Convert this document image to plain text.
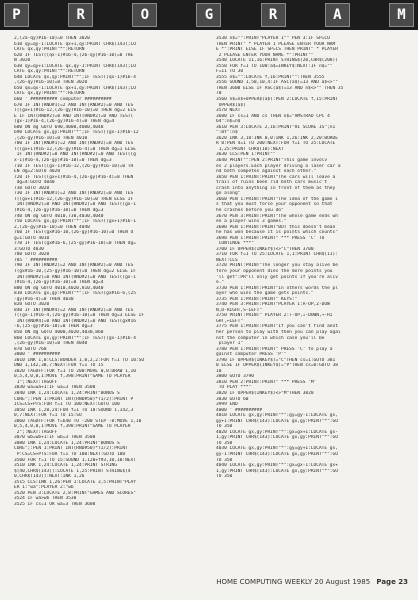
P	R	O	G	R	A	M
2,(2a-qy)#16-10)=0 THEN 3020
610 qy=qy-1:LOCATE qx+1,qy:PRINT CHR$(143);LO
CATE qx,qy:PRINT"*":RETURN
620 IF TEST((qx-1)#16-4,(26-qy)#16-10)=0 THE
N 3020
630 qy=qy+1:LOCATE qx,qy-1:PRINT CHR$(143);LO
CATE qx,qy:PRINT"*":RETURN
640 LOCATE qx,qy:PRINT"*";IF TEST((qx-1)#16-4
,(26-qy)#16-10)=0 THEN 3020
650 qx=qx-1:LOCATE qx+1,qy:PRINT CHR$(143);LO
CATE qx,qy:PRINT"*":RETURN
660 ' ########## computer ##########
670 IF INT(RND#1)=2 AND INT(RND#2)=0 AND TES
T((gx+1)#16-12,(26-gy)#16-10)=0 THEN dg=2 ELS
E IF INT(RND#2)=0 AND INT(RND#2)=0 AND TEST(
(gx-1)#16-4,(26-gy)#16-4)=0 THEN dg=4
680 ON dg GOTO 690,4000,4000,4040
690 LOCATE gx,gy:PRINT"*";IF TEST((gx-1)#16-12
,(26-gy)#16-10)=0 THEN 4010
700 IF INT(RND#1)=2 AND INT(RND#2)=0 AND TES
T((gx+1)#16-12,(26-gy)#16-4)=0 THEN dg=1 ELSE
IF INT(RND#2)=0 AND INT(RND#2)=0 AND TEST((g
x-1)#16-4,(26-gy)#16-10)=0 THEN dg=3
710 IF TEST((gx-1)#16-12,(26-gy)#16-10)=0 TH
EN dg=2:GOTO 4020
720 IF TEST((gx+1)#16-4,(26-gy)#16-4)=0 THEN
dg=4:GOTO 4040
730 GOTO 3020
730 IF INT(RND#1)=2 AND INT(RND#2)=0 AND TES
T((gx+1)#16-12,(26-gy)#16-10)=0 THEN ELSE IF
INT(RND#2)=0 AND INT(RND#2)=0 AND TEST((gx-1
)#16-4,(26-gy)#16-10)=0 THEN dg=3
740 ON dg GOTO 4010,730,4030,4040
750 LOCATE gx,gy:PRINT"*";IF TEST((gx+1)#16-1
2,(26-gy)#16-10)=0 THEN 4040
760 IF TEST(gx#16-10,(26-gy)#16-10)=0 THEN d
g=1:GOTO 4010
770 IF TEST(gx#16-6,(25-gy)#16-10)=0 THEN dg=
3:GOTO 4030
780 GOTO 3020
785 ' ##########
790 IF INT(RND#2)=2 AND INT(RND#2)=0 AND TES
T(gx#16-10,(25-gy)#16-10)=0 THEN dg=2 ELSE IF
INT(RND#2)=0 AND INT(RND#2)=0 AND TEST((gx-1
)#16-4,(26-gy)#16-10)=0 THEN dg=4
800 ON dg GOTO 4010,4020,810,4040
810 LOCATE gx,gy:PRINT"*";IF TEST(gx#16-6,(25
-gy)#16-4)=0 THEN 4030
820 GOTO 3020
840 IF INT(RND#4)=2 AND INT(RND#2)=0 AND TES
T((gx-1)#16-4,(26-gy)#16-10)=0 THEN dg=3 ELSE IF
INT(RND#4)=0 AND INT(RND#2)=0 AND TEST(gx#16
-6,(25-gy)#16-10)=0 THEN dg=3
850 ON dg GOTO 4000,4020,4030,860
860 LOCATE gx,gy:PRINT"*";IF TEST((gx-1)#16-4
,(26-gy)#16-10)=0 THEN 4040
870 GOTO 760
3000 ' ##########
3010 INK 1,0:CLS:BORDER 1,0,2,2:FOR f=1 TO 10:SO
UND 1,142,30,7:NEXT:FOR f=1 TO 15
3020 TAGOFF:FOR f=1 TO 200:MOVE 0,0:DRAW 1,10
0,5,4,0,0,1:MOVE f,398:PRINT"GAME TO PLAYER
1";:NEXT:TAGOFF
3030 wa=wa+1:IF wa=3 THEN 3500
3040 INK 1,24:LOCATE 1,24:PRINT"BONUS S
CORE";:PEN 1:PRINT INT(RND#50)*TI/2):PRINT P
ICS=CS+PTS:FOR f=1 TO 100:NEXT:GOTO 100
3050 INK 1,20,24:FOR f=1 TO 10:SOUND 1,142,3
0,7:NEXT:FOR f=1 TO 15:SO
3060 TAGOFF:FOR f=640 TO -200 STEP -8:MOVE 1,10
0,5,4,0,0,1:MOVE f,398:PRINT"GAME TO PLAYER
2";:NEXT:TAGOFF
3070 wb=wb+1:IF wb=3 THEN 3500
3080 INK 1,24:LOCATE 1,24:PRINT"BONUS S
CORE";:PEN 1:PRINT INT(RND#50)*TI/2):PRINT
P:CS=CS+PTS:FOR f=1 TO 100:NEXT:GOTO 100
3500 FOR f=1 TO 15:SOUND 1,120+f#3,10,10:NEXT
3510 INK 1,24:LOCATE 1,24:PRINT STRING
$(40,CHR$(143)):LOCATE 1,25:PRINT STRING$(4
0,CHR$(143)):NEXT:INK 1,26
3515 CLS:INK 1,26:PEN 1:LOCATE 3,5:PRINT"PLAY
ER 1:"wa":PLAYER 2:"wb
3520 PEN 3:LOCATE 2,8:PRINT"GAMES AND SCORES"
3524 IF wa>wb THEN 3530
3525 IF cs=1 OR wa=3 THEN 3600
3530 n$="":PRINT"PLAYER 1"" PEN 3:IF SP=CO
THEN PRINT" * PLAYER 1 PLEASE ENTER YOUR NAM
E *":PRINT ELSE IF SP=CS THEN PRINT" * PLAYER
2 PLEASE ENTER YOUR NAME *":PRINT""
3540 LOCATE 11,16:PRINT STRING$(20,CHR$(208))
3550 FOR f=1 TO 100:a$=INKEY$:NEXT:IF n$=""
F=11 TO 30
3555 n$="":LOCATE f,16:PRINT"":THEN 3555
3556 SOUND 1,50,10,4:IF ASC(a$)=13 AND a$<>""
THEN 3600 ELSE IF ASC(a$)=13 AND n$<>"" THEN 35
70
3560 n$=n$+UPPER$(a$):PEN 2:LOCATE f,15:PRINT
UPPER$(a$)
3570 NEXT
3600 IF cs=1 AND cs THEN n$="AMSTRAD CPC 4
64":n$=n$
3610 PEN 3:LOCATE 2,16:PRINT"HI SCORE IS";n1
":BY":n$
3620 INK 3,18:INK 0,0:INK 1,26:INK 2,20:BORDE
R 0:PEN 4=1 TO 200:NEXT:FOR f=1 TO 25:LOCATE
1,25:PRINT CHR$(10):NEXT
3630 CLS:PEN 1:PRINT""
3640 PRINT"":PEN 2:PRINT"This game involv
es 2 players.Each player driving a laser car a
nd both competes against each other."
3650 PEN 1:PRINT:PRINT"The cars will leave a
trail of ruins been rid both cars music't
crash into anything in front of them as they
go along"
3660 PEN 1:PRINT:PRINT"The idea of the game i
s that you must force your opponent so that
he crashes before you do"
3670 PEN 3:PRINT:PRINT"The whole game ends wh
en a player wins 3 games."
3680 PEN 1:PRINT:PRINT"BUT this doesn't mean
he has won because it is points which counts"
3690 PEN 1:PRINT:PRINT" *** PRESS 'C' TO
CONTINUE ***"
3700 IF UPPER$(INKEY$)<>"C"THEN 3700
3710 FOR f=1 TO 25:LOCATE 1,1:PRINT CHR$(11):
NEXT:CLS
3720 PRINT:PRINT"The longer you stay alive be
fore your opponent dies the more points you
'll get":PR"ll only get points if you're aliv
e."
3730 PEN 1:PRINT:PRINT"In others words the pl
ayer who wins the game gets points."
3735 PEN 1:PRINT:PRINT" KEYS:"
3740 PEN 3:PRINT:PRINT"PLAYER 1:A-UP,Z-DOW
N,D-RIGHT,S-LEFT"
3750 PRINT:PRINT" PLAYER 2:↑-UP,↓-DOWN,→-RI
GHT,←LEFT"
3775 PEN 1:PRINT:PRINT"If you can't find anot
her person to play with then you can play agai
nst the computer in which case you'll be
player 1"
3780 PEN 1:PRINT:PRINT" PRESS 'C' to play a
gainst computer PRESS 'P'"
3790 IF UPPER$(INKEY$)="C"THEN cs=1:GOTO 381
0 ELSE IF UPPER$(INKEY$)="P"THEN cs=0:GOTO 38
10
3800 GOTO 3790
3810 PEN 2:PRINT:PRINT" *** PRESS 'M'
TO PLAY ***"
3820 IF UPPER$(INKEY$)<>"M"THEN 3820
3830 GOTO 60
3999 END
4000 ' ##########
4010 LOCATE gx,gy:PRINT"*":gy=gy-1:LOCATE gx,
gy+1:PRINT CHR$(143):LOCATE gx,gy:PRINT"*":GO
TO 350
4020 LOCATE gx,gy:PRINT"*":gx=gx+1:LOCATE gx-
1,gy:PRINT CHR$(143):LOCATE gx,gy:PRINT"*":GO
TO 350
4030 LOCATE gx,gy:PRINT"*":gy=gy+1:LOCATE gx,
gy-1:PRINT CHR$(143):LOCATE gx,gy:PRINT"*":GO
TO 350
4040 LOCATE gx,gy:PRINT"*":gx=gx-1:LOCATE gx+
1,gy:PRINT CHR$(143):LOCATE gx,gy:PRINT"*":GO
TO 350
HOME COMPUTING WEEKLY 20 August 1985 Page 23
